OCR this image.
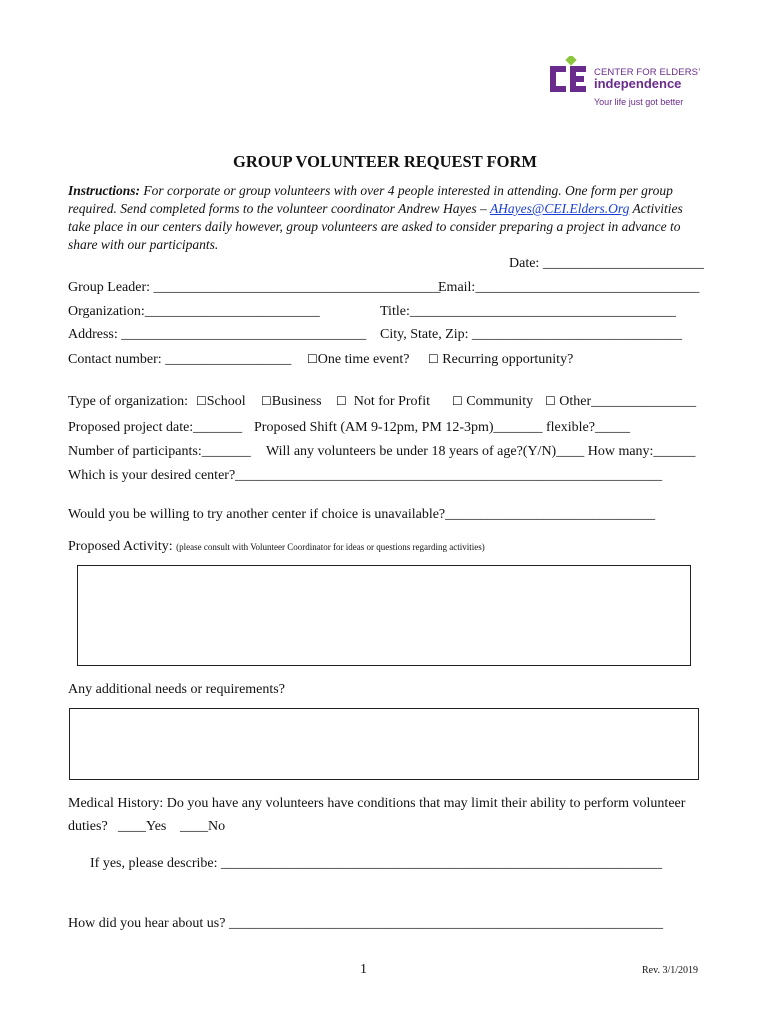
CENTER FOR ELDERS’
independence
Your life just got better
GROUP VOLUNTEER REQUEST FORM
Instructions: For corporate or group volunteers with over 4 people interested in attending. One form per group required. Send completed forms to the volunteer coordinator Andrew Hayes – AHayes@CEI.Elders.Org Activities take place in our centers daily however, group volunteers are asked to consider preparing a project in advance to share with our participants.
Date: _______________________
Group Leader: _________________________________________
Email:________________________________
Organization:_________________________	Title:______________________________________
Address: ___________________________________ City, State, Zip: ______________________________
Contact number: __________________ ☐One time event? ☐ Recurring opportunity?
Type of organization: ☐School ☐Business ☐ Not for Profit ☐ Community ☐ Other_______________
Proposed project date:_______ Proposed Shift (AM 9-12pm, PM 12-3pm)_______ flexible?_____
Number of participants:_______ Will any volunteers be under 18 years of age?(Y/N)____ How many:______
Which is your desired center?_____________________________________________________________
Would you be willing to try another center if choice is unavailable?______________________________
Proposed Activity: (please consult with Volunteer Coordinator for ideas or questions regarding activities)
Any additional needs or requirements?
Medical History: Do you have any volunteers have conditions that may limit their ability to perform volunteer
duties? ____Yes ____No
If yes, please describe: _______________________________________________________________
How did you hear about us? ______________________________________________________________
1	Rev. 3/1/2019
